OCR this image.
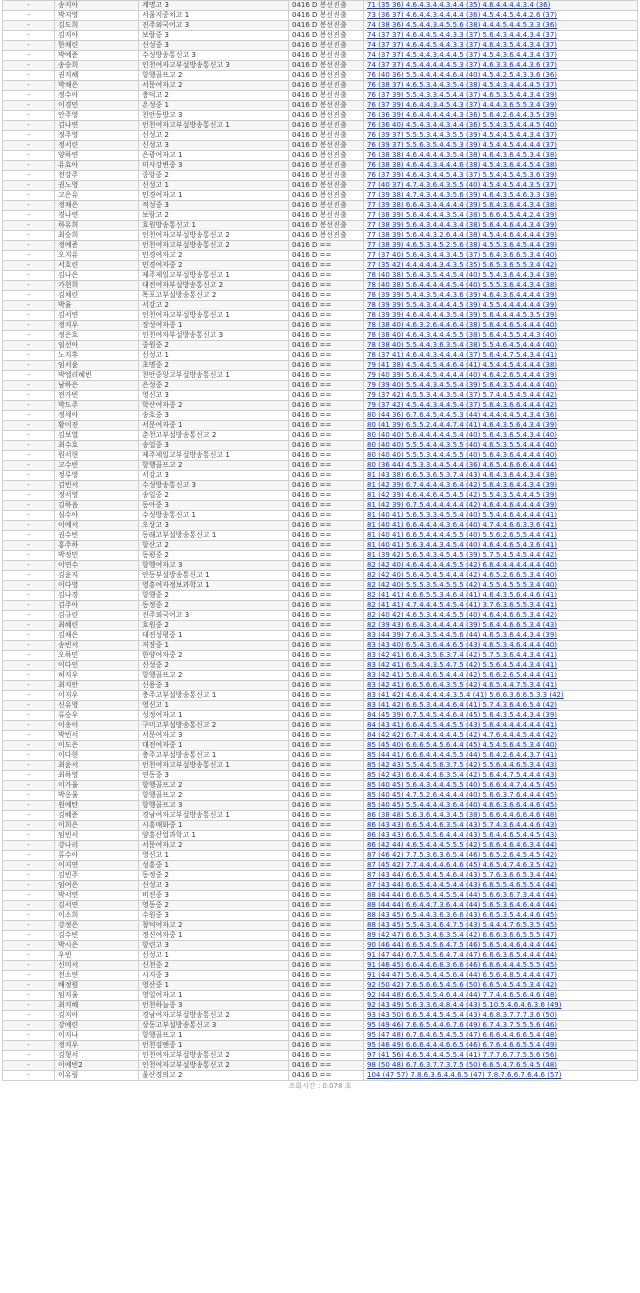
-	송지아	계명고 3	0416 D 봉선진출	71 (35 36) 4.6.4.3.4.4.3.4.4 (35) 4.6.4.4.4.4.3.4 (36)
-	박지영	서울지중처고 1	0416 D 봉선진출	73 (36 37) 4.6.4.4.3.4.4.4.4 (36) 4.5.4.4.5.4.4.2.6 (37)
-	김도희	진주외국어고 3	0416 D 봉선진출	74 (38 36) 4.5.4.4.3.4.5.5.6 (38) 4.4.4.5.4.4.5.3.3 (36)
-	김지아	보람중 3	0416 D 봉선진출	74 (37 37) 4.6.4.4.5.4.4.3.3 (37) 5.6.4.3.4.4.4.3.4 (37)
-	한채린	신성중 3	0416 D 봉선진출	74 (37 37) 4.6.4.4.5.4.4.3.3 (37) 4.6.4.3.5.4.4.3.4 (37)
-	박예준	수성방송통신고 3	0416 D 봉선진출	74 (37 37) 4.5.4.4.3.4.4.4.5 (37) 4.5.4.3.6.4.4.3.4 (37)
-	송승희	인천여자고부설방송통신고 3	0416 D 봉선진출	74 (37 37) 4.5.4.4.4.4.4.5.3 (37) 4.6.3.3.6.4.4.3.6 (37)
-	권지혜	항행골프고 2	0416 D 봉선진출	76 (40 36) 5.5.4.4.4.4.4.6.4 (40) 4.5.4.2.5.4.3.3.6 (36)
-	박채은	서문여자고 2	0416 D 봉선진출	76 (38 37) 4.6.5.3.4.4.3.5.4 (38) 4.5.4.3.4.4.4.4.5 (37)
-	정수아	충덕고 2	0416 D 봉선진출	76 (37 39) 5.5.4.3.3.4.5.4.4 (37) 4.6.5.3.5.4.4.3.4 (39)
-	이경민	온성중 1	0416 D 봉선진출	76 (37 39) 4.6.4.4.3.4.5.4.3 (37) 4.4.4.3.6.5.5.3.4 (39)
-	안주영	천안동방고 3	0416 D 봉선진출	76 (36 39) 4.6.4.4.4.4.4.4.3 (36) 5.6.4.2.6.4.4.3.5 (39)
-	김나연	인천여자고부설방송통신고 1	0416 D 봉선진출	76 (36 40) 4.5.4.3.4.4.3.4.4 (36) 5.5.4.3.5.4.4.4.5 (40)
-	정주영	신성고 2	0416 D 봉선진출	76 (39 37) 5.5.5.3.4.4.3.5.5 (39) 4.5.4.4.5.4.4.3.4 (37)
-	정서린	신성고 3	0416 D 봉선진출	76 (39 37) 5.5.6.3.5.4.4.5.3 (39) 4.5.4.4.5.4.4.4.4 (37)
-	양하연	은광여자고 1	0416 D 봉선진출	76 (38 38) 4.6.4.4.4.4.3.5.4 (38) 4.6.4.3.6.4.5.3.4 (38)
-	유효아	미사강변중 3	0416 D 봉선진출	76 (38 38) 4.6.4.4.3.4.4.4.6 (38) 4.5.4.3.6.4.4.5.4 (38)
-	전강주	중앙중 2	0416 D 봉선진출	76 (37 39) 4.6.4.3.4.4.5.4.3 (37) 5.5.4.4.5.4.5.3.6 (39)
-	권노영	신성고 1	0416 D 봉선진출	77 (40 37) 4.7.4.3.6.4.3.5.5 (40) 4.5.4.4.5.4.4.3.5 (37)
-	고은유	민경여자고 1	0416 D 봉선진출	77 (39 38) 4.7.4.3.4.4.3.5.6 (39) 4.6.4.3.5.4.6.3.3 (38)
-	정채은	적성중 3	0416 D 봉선진출	77 (39 38) 6.6.4.3.4.4.4.4.4 (39) 5.6.4.3.6.4.4.3.4 (38)
-	경나연	보람고 2	0416 D 봉선진출	77 (38 39) 5.6.4.4.4.4.3.5.4 (38) 5.6.6.4.5.4.4.2.4 (39)
-	하유희	호원방송통신고 1	0416 D 봉선진출	77 (38 39) 5.6.4.3.4.4.4.3.4 (38) 5.6.4.4.6.4.4.3.4 (39)
-	최승희	인천여자고부설방송통신고 2	0416 D 봉선진출	77 (38 39) 5.6.4.4.3.2.6.4.4 (38) 4.5.4.4.6.4.4.4.4 (39)
-	정예준	인천여자고부설방송통신고 2	0416 D ==	77 (38 39) 4.6.5.3.4.5.2.5.6 (38) 4.5.5.3.6.4.5.4.4 (39)
-	오지유	민경여자고 2	0416 D ==	77 (37 40) 5.6.4.3.4.4.3.4.5 (37) 5.6.4.3.6.6.5.3.4 (40)
-	서호린	민경여자중 2	0416 D ==	77 (35 42) 4.4.4.4.4.3.4.3.5 (35) 5.6.5.3.6.5.5.3.4 (42)
-	김나은	제주제일고부설방송통신고 1	0416 D ==	78 (40 38) 5.6.4.3.5.4.4.5.4 (40) 5.5.4.3.6.4.4.3.4 (38)
-	가현희	대전여자부설방송통신고 2	0416 D ==	78 (40 38) 5.6.4.4.4.4.4.5.4 (40) 5.5.5.3.6.4.4.3.4 (38)
-	김채린	목포고부설방송통신고 2	0416 D ==	78 (39 39) 5.4.4.3.5.4.4.3.6 (39) 4.6.4.3.6.4.4.4.4 (39)
-	박율	서강고 2	0416 D ==	78 (39 39) 5.5.4.3.4.4.4.4.5 (39) 4.5.5.4.4.4.4.4.4 (39)
-	김서연	인천여자고부설방송통신고 1	0416 D ==	78 (39 39) 4.6.4.4.4.4.3.5.4 (39) 5.6.4.4.4.4.5.3.5 (39)
-	정지우	장성여자중 1	0416 D ==	78 (38 40) 4.6.3.2.6.4.4.6.4 (38) 5.6.4.4.6.5.4.4.4 (40)
-	정은호	인천여자부설방송통신고 3	0416 D ==	78 (38 40) 4.6.4.3.4.4.4.5.5 (38) 5.6.4.4.5.5.4.4.3 (40)
-	임선아	중원중 2	0416 D ==	78 (38 40) 5.5.4.4.3.6.3.5.4 (38) 5.5.4.6.4.5.4.4.4 (40)
-	노지후	신성고 1	0416 D ==	78 (37 41) 4.6.4.4.3.4.4.4.4 (37) 5.6.4.4.7.5.4.3.4 (41)
-	임서윤	초명중 2	0416 D ==	79 (41 38) 4.5.4.4.5.4.4.6.4 (41) 4.5.4.4.5.4.4.4.4 (38)
-	박엘리혜빈	천안중앙고부설방송통신고 1	0416 D ==	79 (40 39) 5.6.4.4.5.4.4.4.4 (40) 4.6.4.2.6.5.4.4.4 (39)
-	남하은	은성중 2	0416 D ==	79 (39 40) 5.5.4.4.3.4.5.5.4 (39) 5.6.4.3.5.4.4.4.4 (40)
-	전가빈	영신고 3	0416 D ==	79 (37 42) 4.5.5.3.4.4.3.5.4 (37) 5.7.4.4.5.4.5.4.4 (42)
-	박도주	학산여자중 2	0416 D ==	79 (37 42) 4.5.4.4.3.4.4.5.4 (37) 5.6.4.3.6.6.4.4.4 (42)
-	정세아	송호중 3	0416 D ==	80 (44 36) 6.7.6.4.5.4.4.5.3 (44) 4.4.4.4.4.5.4.3.4 (36)
-	황이진	서문여자중 1	0416 D ==	80 (41 39) 6.5.5.2.4.4.4.7.4 (41) 4.6.4.3.5.6.4.3.4 (39)
-	김보열	춘천고부설방송통신고 2	0416 D ==	80 (40 40) 5.6.4.4.4.4.4.5.4 (40) 5.6.4.3.6.5.4.3.4 (40)
-	최수호	송일중 3	0416 D ==	80 (40 40) 5.5.5.4.4.4.3.5.5 (40) 4.6.5.3.5.5.4.4.4 (40)
-	원서현	제주제일고부설방송통신고 1	0416 D ==	80 (40 40) 5.5.5.3.4.4.4.5.5 (40) 5.6.4.3.6.4.4.4.4 (40)
-	고수빈	항행골프고 2	0416 D ==	80 (36 44) 4.5.3.3.4.4.5.4.4 (36) 4.6.5.4.6.6.6.4.4 (44)
-	정루영	서강고 3	0416 D ==	81 (43 38) 6.6.5.3.6.5.3.7.4 (43) 4.6.4.3.6.4.4.3.4 (38)
-	김빈서	수성방송통신고 3	0416 D ==	81 (42 39) 6.7.4.4.4.4.3.6.4 (42) 5.6.4.3.6.4.4.3.4 (39)
-	정서영	송일중 2	0416 D ==	81 (42 39) 4.6.4.4.6.4.5.4.5 (42) 5.5.4.3.5.4.4.4.5 (39)
-	김하음	동아중 3	0416 D ==	81 (42 39) 6.7.5.4.4.4.4.4.4 (42) 4.6.4.4.6.4.4.4.4 (39)
-	심수아	수성방송통신고 1	0416 D ==	81 (40 41) 5.6.5.3.3.4.5.5.4 (40) 5.5.4.4.6.4.4.4.4 (41)
-	이예서	오상고 3	0416 D ==	81 (40 41) 6.6.4.4.4.4.3.6.4 (40) 4.7.4.4.6.6.3.3.6 (41)
-	권수빈	동래고부설방송통신고 1	0416 D ==	81 (40 41) 6.6.5.4.4.4.4.5.5 (40) 5.5.6.2.6.5.5.4.4 (41)
-	홍주하	항산고 2	0416 D ==	81 (40 41) 5.6.3.4.4.3.4.5.4 (40) 4.6.4.4.6.5.4.3.6 (41)
-	박정민	동평중 2	0416 D ==	81 (39 42) 5.6.5.4.3.4.5.4.5 (39) 5.7.5.4.5.4.5.4.4 (42)
-	이연수	항행여자고 3	0416 D ==	82 (42 40) 4.6.4.4.4.4.4.5.5 (42) 6.6.4.4.4.4.4.4.4 (40)
-	김윤지	안동부설방송통신고 1	0416 D ==	82 (42 40) 5.6.4.5.4.5.4.4.4 (42) 4.6.5.2.6.6.5.3.4 (40)
-	이다영	영흥여자정보과학고 1	0416 D ==	82 (42 40) 5.5.5.3.5.4.5.5.5 (42) 4.5.5.4.5.5.5.3.4 (40)
-	김나경	항행중 2	0416 D ==	82 (41 41) 4.6.6.5.5.3.4.6.4 (41) 4.6.4.3.5.6.4.4.6 (41)
-	김주아	동정중 2	0416 D ==	82 (41 41) 4.7.4.4.4.5.4.5.4 (41) 3.7.6.3.6.5.5.3.4 (41)
-	김규린	진주외국어고 3	0416 D ==	82 (40 42) 4.6.5.3.4.4.4.5.5 (40) 4.6.4.4.6.6.5.3.4 (42)
-	최혜린	호원중 2	0416 D ==	82 (39 43) 6.6.4.3.4.4.4.4.4 (39) 5.6.4.4.6.6.5.3.4 (43)
-	김채은	대전성평중 1	0416 D ==	83 (44 39) 7.6.4.3.5.4.4.5.6 (44) 4.6.5.3.6.4.4.3.4 (39)
-	송빈서	저장중 1	0416 D ==	83 (43 40) 6.5.4.3.6.4.4.6.5 (43) 4.6.5.3.4.6.4.4.4 (40)
-	오하민	한양여자중 2	0416 D ==	83 (42 41) 6.6.4.3.5.6.3.7.4 (42) 5.7.5.3.6.4.4.3.4 (41)
-	이다인	신성중 2	0416 D ==	83 (42 41) 6.5.4.4.3.5.4.7.5 (42) 5.5.6.4.5.4.4.3.4 (41)
-	허지우	항행골프고 2	0416 D ==	83 (42 41) 5.6.4.4.6.5.4.4.4 (42) 5.6.6.2.6.5.4.4.4 (41)
-	최지안	신용중 3	0416 D ==	83 (42 41) 6.6.5.6.6.4.3.5.5 (42) 4.6.5.4.4.7.5.3.4 (41)
-	이지우	충주고부설방송통신고 1	0416 D ==	83 (41 42) 4.6.4.4.4.4.4.3.5.4 (41) 5.6.6.3.6.6.5.3.3 (42)
-	신유영	영신고 1	0416 D ==	83 (41 42) 6.6.5.3.4.4.4.6.4 (41) 5.7.4.3.6.4.6.5.4 (42)
-	류승우	성정여자고 1	0416 D ==	84 (45 39) 6.7.5.4.5.4.4.6.4 (45) 5.6.4.3.5.4.4.3.4 (39)
-	이송이	구미고부설방송통신고 2	0416 D ==	84 (43 41) 6.6.4.4.5.4.4.5.5 (43) 5.6.4.4.4.4.4.4.4 (41)
-	박빈서	서문여자고 3	0416 D ==	84 (42 42) 6.7.4.4.4.4.4.4.5 (42) 4.7.6.4.4.4.5.4.4 (42)
-	이도은	대전여자중 1	0416 D ==	85 (45 40) 6.6.6.5.4.5.6.4.4 (45) 4.5.4.5.6.4.5.3.4 (40)
-	이다현	충주고부설방송통신고 1	0416 D ==	85 (44 41) 6.6.6.4.4.4.4.5.5 (44) 5.6.4.2.6.4.4.3.7 (41)
-	최윤서	인천여자고부설방송통신고 1	0416 D ==	85 (42 43) 5.5.4.4.5.6.3.7.5 (42) 5.5.6.4.4.6.5.3.4 (43)
-	최하영	연동중 3	0416 D ==	85 (42 43) 6.6.4.4.4.6.3.5.4 (42) 5.6.4.4.7.5.4.4.4 (43)
-	이가율	항행골프고 2	0416 D ==	85 (40 45) 5.6.4.3.4.4.4.5.5 (40) 5.6.6.4.4.7.4.4.5 (45)
-	박옹율	항행골프고 2	0416 D ==	85 (40 45) 4.7.5.2.6.4.4.4.4 (40) 5.6.6.3.7.6.4.4.4 (45)
-	원예탄	항행골프고 3	0416 D ==	85 (40 45) 5.5.4.4.4.4.3.6.4 (40) 4.6.6.3.6.6.4.4.6 (45)
-	김혜준	경남여자고부설방송통신고 1	0416 D ==	86 (38 48) 5.6.3.6.4.4.3.4.5 (38) 5.6.6.4.4.6.6.4.6 (48)
-	이희은	시흥매화중 1	0416 D ==	86 (43 43) 6.6.5.4.4.6.3.5.4 (43) 5.7.4.3.6.4.4.4.6 (43)
-	임빈서	양흥산업과학고 1	0416 D ==	86 (43 43) 6.6.5.4.5.6.4.4.4 (43) 5.6.4.4.6.5.4.4.5 (43)
-	강나리	서문여자고 2	0416 D ==	86 (42 44) 4.6.5.4.4.4.5.5.5 (42) 5.6.6.4.6.4.6.3.4 (44)
-	류수아	영신고 1	0416 D ==	87 (46 42) 7.7.5.3.6.3.6.5.4 (46) 5.6.5.2.6.4.5.4.5 (42)
-	이지연	성흥중 1	0416 D ==	87 (45 42) 7.7.4.4.4.4.6.4.6 (45) 4.6.5.4.7.4.6.3.5 (42)
-	김빈주	동정중 2	0416 D ==	87 (43 44) 6.6.5.4.4.5.4.6.4 (43) 5.7.6.3.6.6.5.3.4 (44)
-	임여은	신성고 3	0416 D ==	87 (43 44) 6.6.5.4.4.4.5.4.4 (43) 6.6.5.5.4.6.5.5.4 (44)
-	박서연	비전중 3	0416 D ==	88 (44 44) 6.6.6.5.4.4.5.5.4 (44) 5.6.6.3.6.7.3.4.4 (44)
-	김서연	영동중 2	0416 D ==	88 (44 44) 6.6.4.4.7.3.6.4.4 (44) 5.6.5.3.6.4.6.4.4 (44)
-	이소희	수원중 3	0416 D ==	88 (43 45) 6.5.4.4.3.6.3.6.6 (43) 6.6.5.3.5.4.4.4.6 (45)
-	강정은	창덕여자고 2	0416 D ==	88 (43 45) 5.5.4.3.4.6.4.7.5 (43) 5.4.4.4.7.6.5.3.5 (45)
-	김수빈	정신여자중 1	0416 D ==	89 (42 47) 6.6.5.3.4.6.3.5.4 (42) 6.6.6.3.6.6.5.5.5 (47)
-	박시은	항린고 3	0416 D ==	90 (46 44) 6.6.5.4.5.6.4.7.5 (46) 5.6.5.4.4.6.4.4.4 (44)
-	우빈	신성고 1	0416 D ==	91 (47 44) 6.7.5.4.5.6.4.7.4 (47) 6.6.6.3.6.5.4.4.4 (44)
-	신미서	신천중 2	0416 D ==	91 (46 45) 6.6.4.4.6.6.3.6.6 (46) 6.6.6.4.4.4.5.5.5 (45)
-	전소연	시지중 3	0416 D ==	91 (44 47) 5.6.4.5.4.4.5.6.4 (44) 6.5.6.4.8.5.4.4.4 (47)
-	배정원	영산중 1	0416 D ==	92 (50 42) 7.6.5.6.6.5.4.5.6 (50) 6.6.5.4.5.4.5.3.4 (42)
-	임지율	영일여자고 1	0416 D ==	92 (44 48) 6.6.5.4.5.4.6.4.4 (44) 7.7.4.4.6.5.6.4.6 (48)
-	최지혜	인천하늘중 3	0416 D ==	92 (43 49) 5.6.3.3.6.4.8.4.4 (43) 5.10.5.4.6.4.6.3.6 (49)
-	김지아	경남여자고부설방송통신고 2	0416 D ==	93 (43 50) 6.6.5.4.4.5.4.5.4 (43) 4.6.8.3.7.7.7.3.6 (50)
-	강예린	상동고부설방송통신고 3	0416 D ==	95 (49 46) 7.6.6.5.4.4.6.7.6 (49) 6.7.4.3.7.5.5.5.6 (46)
-	이지나	항행골프고 1	0416 D ==	95 (47 48) 6.7.6.4.6.5.4.5.5 (47) 6.6.6.4.4.6.6.5.4 (48)
-	정지우	인천검엔중 1	0416 D ==	95 (46 49) 6.6.6.4.4.4.6.6.5 (46) 6.7.6.4.6.6.5.5.4 (49)
-	김형서	인천여자고부설방송통신고 2	0416 D ==	97 (41 56) 4.6.5.4.4.4.5.5.4 (41) 7.7.7.6.7.7.5.5.6 (56)
-	이예빈2	인천여자고부설방송통신고 2	0416 D ==	98 (50 48) 6.7.6.3.7.7.3.7.5 (50) 6.6.5.4.7.6.5.4.5 (48)
-	이유림	울산경의고 2	0416 D ==	104 (47 57) 7.8.6.3.6.4.4.6.5 (47) 7.8.7.6.6.7.6.4.6 (57)
조회시간 : 0.078 초
